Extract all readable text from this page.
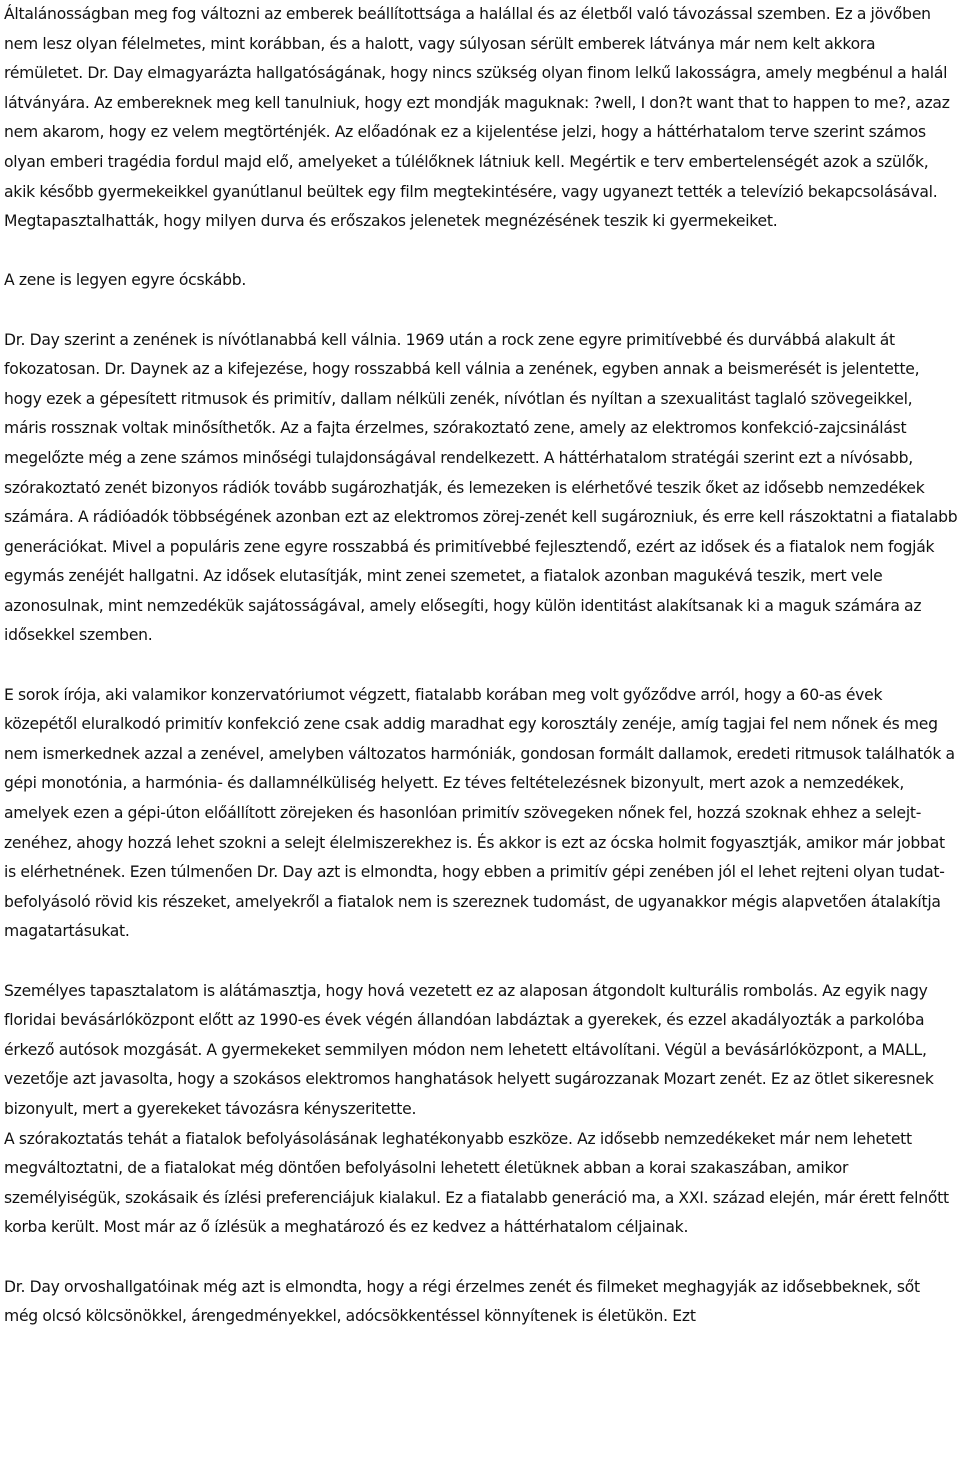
Általánosságban meg fog változni az emberek beállítottsága a halállal és az életből való távozással szemben. Ez a jövőben nem lesz olyan félelmetes, mint korábban, és a halott, vagy súlyosan sérült emberek látványa már nem kelt akkora rémületet. Dr. Day elmagyarázta hallgatóságának, hogy nincs szükség olyan finom lelkű lakosságra, amely megbénul a halál látványára. Az embereknek meg kell tanulniuk, hogy ezt mondják maguknak: ?well, I don?t want that to happen to me?, azaz nem akarom, hogy ez velem megtörténjék. Az előadónak ez a kijelentése jelzi, hogy a háttérhatalom terve szerint számos olyan emberi tragédia fordul majd elő, amelyeket a túlélőknek látniuk kell. Megértik e terv embertelenségét azok a szülők, akik később gyermekeikkel gyanútlanul beültek egy film megtekintésére, vagy ugyanezt tették a televízió bekapcsolásával. Megtapasztalhatták, hogy milyen durva és erőszakos jelenetek megnézésének teszik ki gyermekeiket.

A zene is legyen egyre ócskább.

Dr. Day szerint a zenének is nívótlanabbá kell válnia. 1969 után a rock zene egyre primitívebbé és durvábbá alakult át fokozatosan. Dr. Daynek az a kifejezése, hogy rosszabbá kell válnia a zenének, egyben annak a beismerését is jelentette, hogy ezek a gépesített ritmusok és primitív, dallam nélküli zenék, nívótlan és nyíltan a szexualitást taglaló szövegeikkel, máris rossznak voltak minősíthetők. Az a fajta érzelmes, szórakoztató zene, amely az elektromos konfekció-zajcsinálást megelőzte még a zene számos minőségi tulajdonságával rendelkezett. A háttérhatalom stratégái szerint ezt a nívósabb, szórakoztató zenét bizonyos rádiók tovább sugározhatják, és lemezeken is elérhetővé teszik őket az idősebb nemzedékek számára. A rádióadók többségének azonban ezt az elektromos zörej-zenét kell sugározniuk, és erre kell rászoktatni a fiatalabb generációkat. Mivel a populáris zene egyre rosszabbá és primitívebbé fejlesztendő, ezért az idősek és a fiatalok nem fogják egymás zenéjét hallgatni. Az idősek elutasítják, mint zenei szemetet, a fiatalok azonban magukévá teszik, mert vele azonosulnak, mint nemzedékük sajátosságával, amely elősegíti, hogy külön identitást alakítsanak ki a maguk számára az idősekkel szemben.

E sorok írója, aki valamikor konzervatóriumot végzett, fiatalabb korában meg volt győződve arról, hogy a 60-as évek közepétől eluralkodó primitív konfekció zene csak addig maradhat egy korosztály zenéje, amíg tagjai fel nem nőnek és meg nem ismerkednek azzal a zenével, amelyben változatos harmóniák, gondosan formált dallamok, eredeti ritmusok találhatók a gépi monotónia, a harmónia- és dallamnélküliség helyett. Ez téves feltételezésnek bizonyult, mert azok a nemzedékek, amelyek ezen a gépi-úton előállított zörejeken és hasonlóan primitív szövegeken nőnek fel, hozzá szoknak ehhez a selejt-zenéhez, ahogy hozzá lehet szokni a selejt élelmiszerekhez is. És akkor is ezt az ócska holmit fogyasztják, amikor már jobbat is elérhetnének. Ezen túlmenően Dr. Day azt is elmondta, hogy ebben a primitív gépi zenében jól el lehet rejteni olyan tudat-befolyásoló rövid kis részeket, amelyekről a fiatalok nem is szereznek tudomást, de ugyanakkor mégis alapvetően átalakítja magatartásukat.

Személyes tapasztalatom is alátámasztja, hogy hová vezetett ez az alaposan átgondolt kulturális rombolás. Az egyik nagy floridai bevásárlóközpont előtt az 1990-es évek végén állandóan labdáztak a gyerekek, és ezzel akadályozták a parkolóba érkező autósok mozgását. A gyermekeket semmilyen módon nem lehetett eltávolítani. Végül a bevásárlóközpont, a MALL, vezetője azt javasolta, hogy a szokásos elektromos hanghatások helyett sugározzanak Mozart zenét. Ez az ötlet sikeresnek bizonyult, mert a gyerekeket távozásra kényszeritette.

A szórakoztatás tehát a fiatalok befolyásolásának leghatékonyabb eszköze. Az idősebb nemzedékeket már nem lehetett megváltoztatni, de a fiatalokat még döntően befolyásolni lehetett életüknek abban a korai szakaszában, amikor személyiségük, szokásaik és ízlési preferenciájuk kialakul. Ez a fiatalabb generáció ma, a XXI. század elején, már érett felnőtt korba került. Most már az ő ízlésük a meghatározó és ez kedvez a háttérhatalom céljainak.

Dr. Day orvoshallgatóinak még azt is elmondta, hogy a régi érzelmes zenét és filmeket meghagyják az idősebbeknek, sőt még olcsó kölcsönökkel, árengedményekkel, adócsökkentéssel könnyítenek is életükön. Ezt
